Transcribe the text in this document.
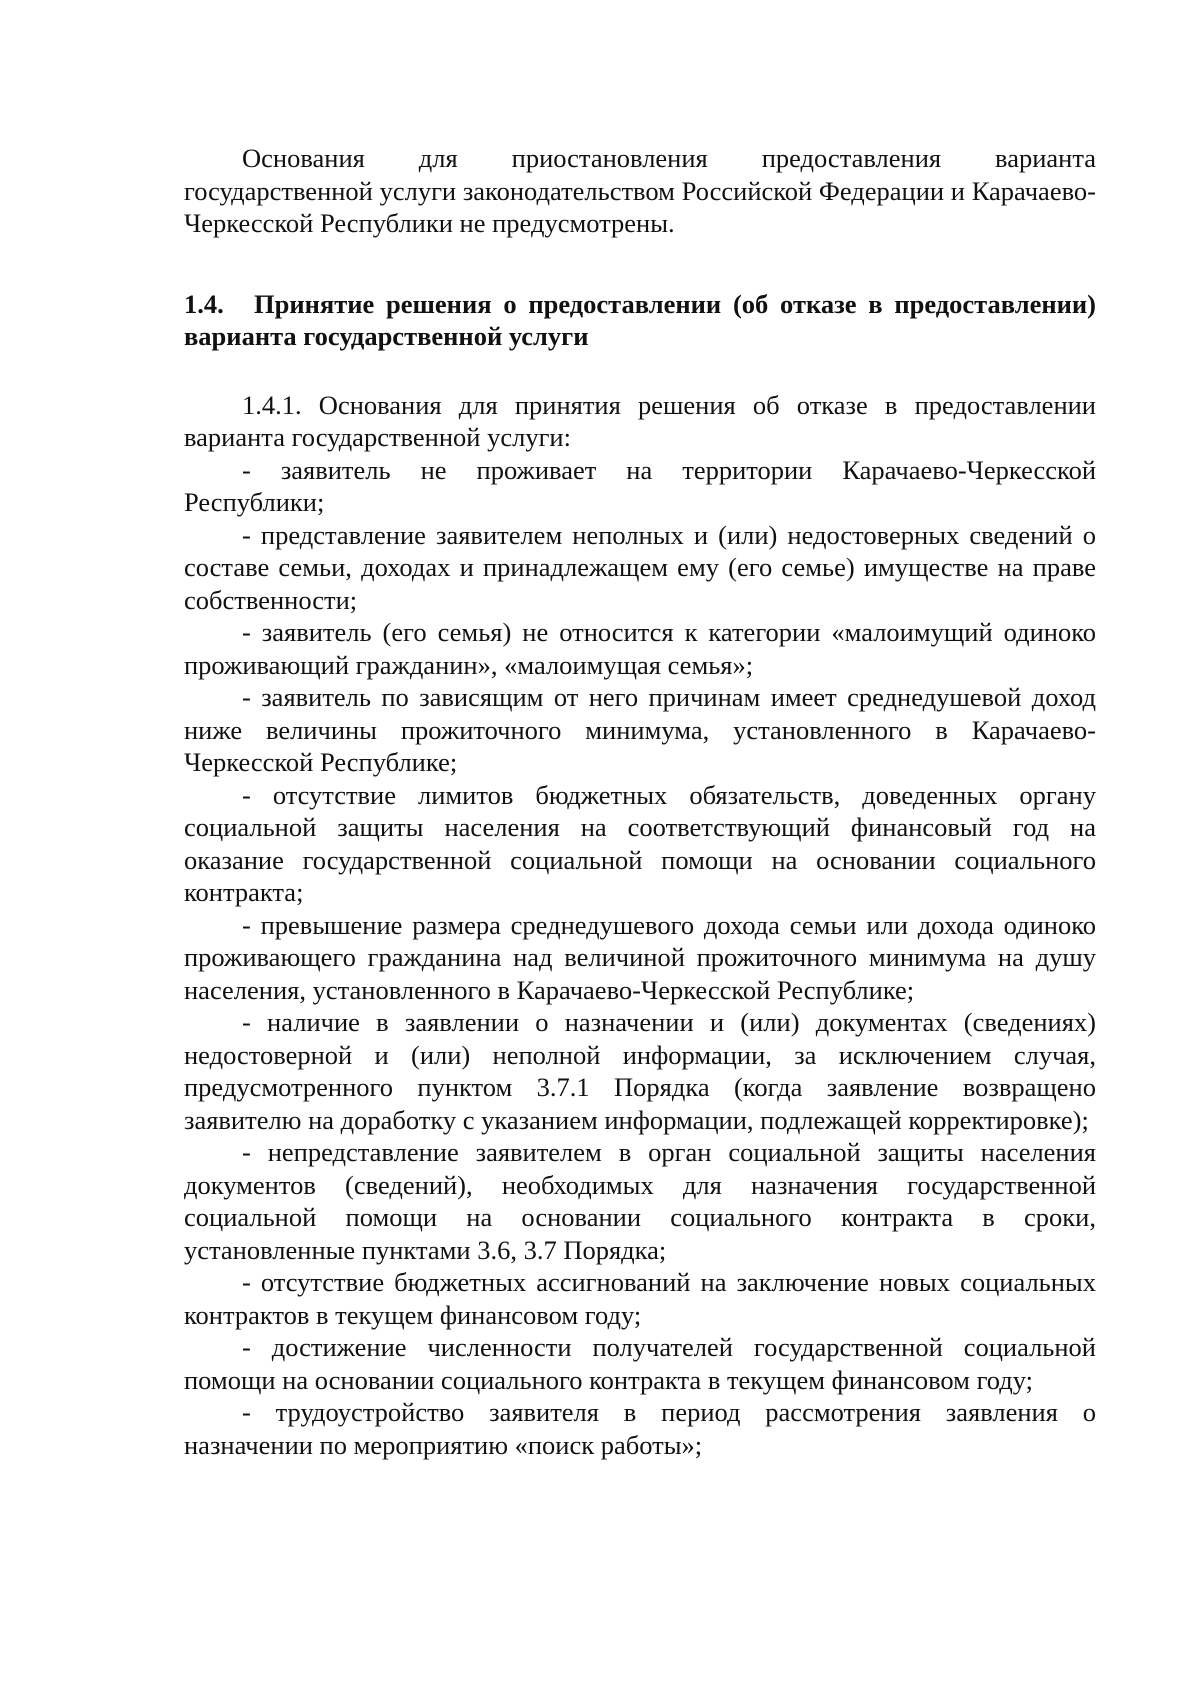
Основания для приостановления предоставления варианта государственной услуги законодательством Российской Федерации и Карачаево-Черкесской Республики не предусмотрены.

1.4. Принятие решения о предоставлении (об отказе в предоставлении) варианта государственной услуги

1.4.1. Основания для принятия решения об отказе в предоставлении варианта государственной услуги:

- заявитель не проживает на территории Карачаево-Черкесской Республики;

- представление заявителем неполных и (или) недостоверных сведений о составе семьи, доходах и принадлежащем ему (его семье) имуществе на праве собственности;

- заявитель (его семья) не относится к категории «малоимущий одиноко проживающий гражданин», «малоимущая семья»;

- заявитель по зависящим от него причинам имеет среднедушевой доход ниже величины прожиточного минимума, установленного в Карачаево-Черкесской Республике;

- отсутствие лимитов бюджетных обязательств, доведенных органу социальной защиты населения на соответствующий финансовый год на оказание государственной социальной помощи на основании социального контракта;

- превышение размера среднедушевого дохода семьи или дохода одиноко проживающего гражданина над величиной прожиточного минимума на душу населения, установленного в Карачаево-Черкесской Республике;

- наличие в заявлении о назначении и (или) документах (сведениях) недостоверной и (или) неполной информации, за исключением случая, предусмотренного пунктом 3.7.1 Порядка (когда заявление возвращено заявителю на доработку с указанием информации, подлежащей корректировке);

- непредставление заявителем в орган социальной защиты населения документов (сведений), необходимых для назначения государственной социальной помощи на основании социального контракта в сроки, установленные пунктами 3.6, 3.7 Порядка;

- отсутствие бюджетных ассигнований на заключение новых социальных контрактов в текущем финансовом году;

- достижение численности получателей государственной социальной помощи на основании социального контракта в текущем финансовом году;

- трудоустройство заявителя в период рассмотрения заявления о назначении по мероприятию «поиск работы»;
